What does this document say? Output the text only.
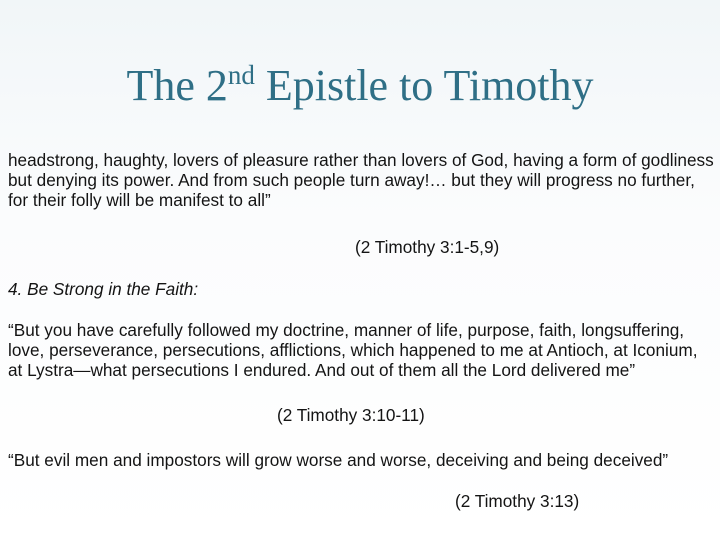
The 2nd Epistle to Timothy

headstrong, haughty, lovers of pleasure rather than lovers of God, having a form of godliness but denying its power. And from such people turn away!… but they will progress no further, for their folly will be manifest to all”

(2 Timothy 3:1-5,9)
4. Be Strong in the Faith:

“But you have carefully followed my doctrine, manner of life, purpose, faith, longsuffering, love, perseverance, persecutions, afflictions, which happened to me at Antioch, at Iconium, at Lystra—what persecutions I endured. And out of them all the Lord delivered me”

(2 Timothy 3:10-11)

“But evil men and impostors will grow worse and worse, deceiving and being deceived”

(2 Timothy 3:13)
